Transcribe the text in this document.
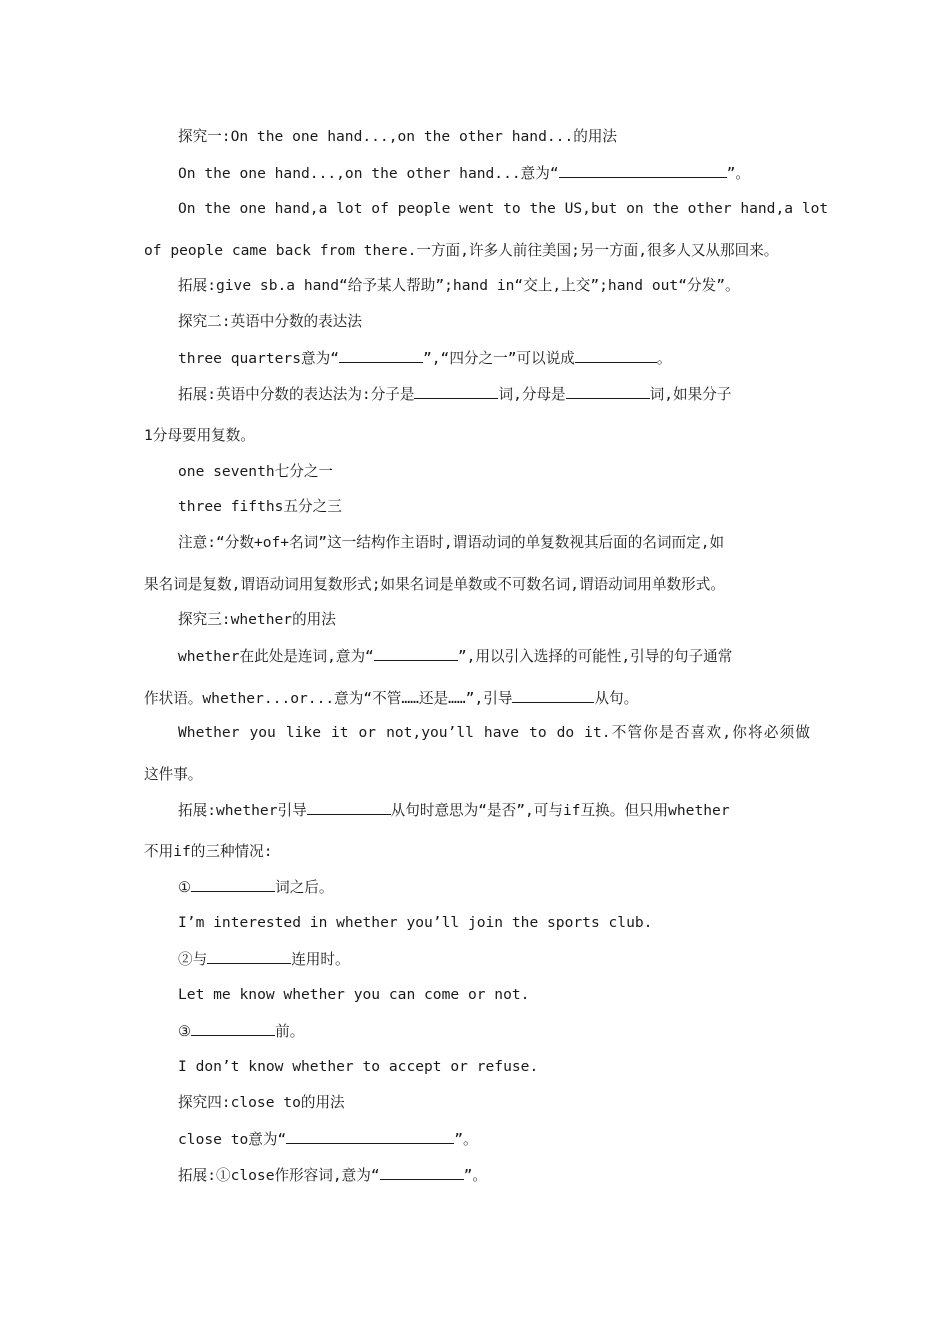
探究一:On the one hand...,on the other hand...的用法
On the one hand...,on the other hand...意为“	”。
On the one hand,a lot of people went to the US,but on the other hand,a lot
of people came back from there.一方面,许多人前往美国;另一方面,很多人又从那回来。
拓展:give sb.a hand“给予某人帮助”;hand in“交上,上交”;hand out“分发”。
探究二:英语中分数的表达法
three quarters意为“	”,“四分之一”可以说成	。
拓展:英语中分数的表达法为:分子是	词,分母是	词,如果分子
1分母要用复数。
one seventh七分之一
three fifths五分之三
注意:“分数+of+名词”这一结构作主语时,谓语动词的单复数视其后面的名词而定,如
果名词是复数,谓语动词用复数形式;如果名词是单数或不可数名词,谓语动词用单数形式。
探究三:whether的用法
whether在此处是连词,意为“	”,用以引入选择的可能性,引导的句子通常
作状语。whether...or...意为“不管……还是……”,引导	从句。
Whether you like it or not,you’ll have to do it.不管你是否喜欢,你将必须做
这件事。
拓展:whether引导	从句时意思为“是否”,可与if互换。但只用whether
不用if的三种情况:
①	词之后。
I’m interested in whether you’ll join the sports club.
②与	连用时。
Let me know whether you can come or not.
③	前。
I don’t know whether to accept or refuse.
探究四:close to的用法
close to意为“	”。
拓展:①close作形容词,意为“	”。
